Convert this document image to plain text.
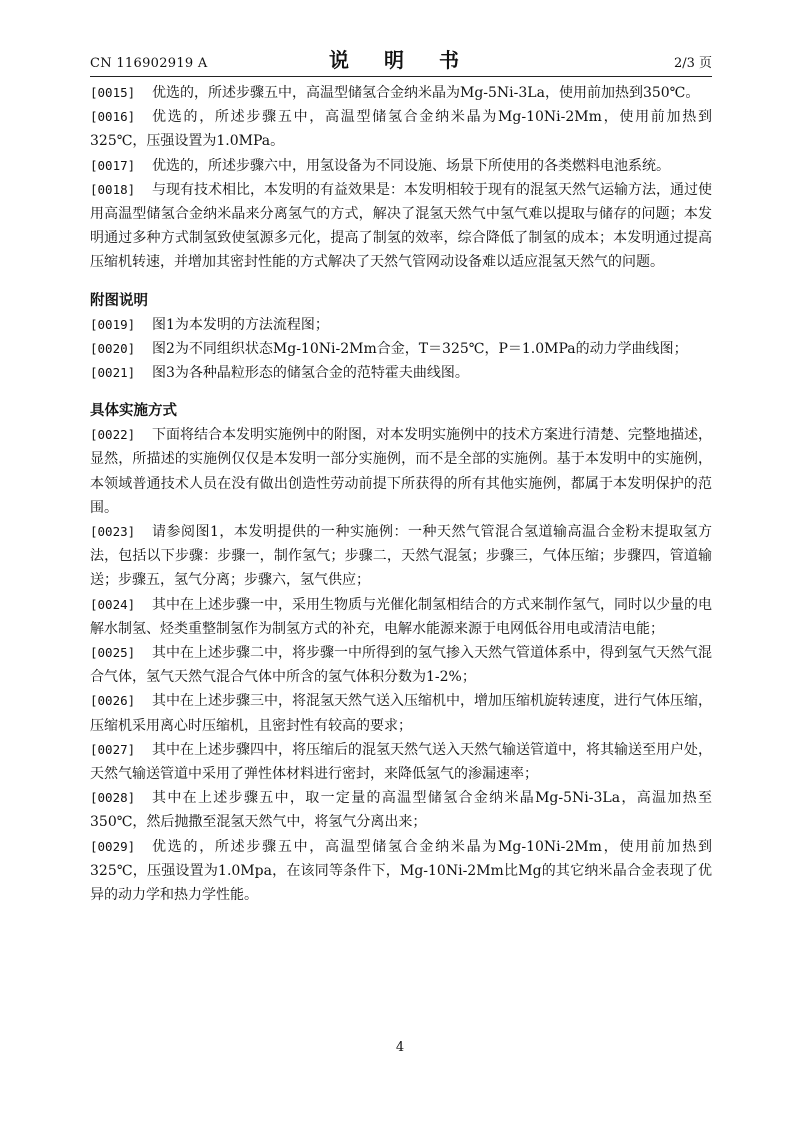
CN 116902919 A	说 明 书	2/3 页

[0015] 优选的，所述步骤五中，高温型储氢合金纳米晶为Mg-5Ni-3La，使用前加热到350℃。

[0016] 优选的，所述步骤五中，高温型储氢合金纳米晶为Mg-10Ni-2Mm，使用前加热到325℃，压强设置为1.0MPa。

[0017] 优选的，所述步骤六中，用氢设备为不同设施、场景下所使用的各类燃料电池系统。

[0018] 与现有技术相比，本发明的有益效果是：本发明相较于现有的混氢天然气运输方法，通过使用高温型储氢合金纳米晶来分离氢气的方式，解决了混氢天然气中氢气难以提取与储存的问题；本发明通过多种方式制氢致使氢源多元化，提高了制氢的效率，综合降低了制氢的成本；本发明通过提高压缩机转速，并增加其密封性能的方式解决了天然气管网动设备难以适应混氢天然气的问题。

附图说明

[0019] 图1为本发明的方法流程图；

[0020] 图2为不同组织状态Mg-10Ni-2Mm合金，T＝325℃，P＝1.0MPa的动力学曲线图；

[0021] 图3为各种晶粒形态的储氢合金的范特霍夫曲线图。

具体实施方式

[0022] 下面将结合本发明实施例中的附图，对本发明实施例中的技术方案进行清楚、完整地描述，显然，所描述的实施例仅仅是本发明一部分实施例，而不是全部的实施例。基于本发明中的实施例，本领域普通技术人员在没有做出创造性劳动前提下所获得的所有其他实施例，都属于本发明保护的范围。

[0023] 请参阅图1，本发明提供的一种实施例：一种天然气管混合氢道输高温合金粉末提取氢方法，包括以下步骤：步骤一，制作氢气；步骤二，天然气混氢；步骤三，气体压缩；步骤四，管道输送；步骤五，氢气分离；步骤六，氢气供应；

[0024] 其中在上述步骤一中，采用生物质与光催化制氢相结合的方式来制作氢气，同时以少量的电解水制氢、烃类重整制氢作为制氢方式的补充，电解水能源来源于电网低谷用电或清洁电能；

[0025] 其中在上述步骤二中，将步骤一中所得到的氢气掺入天然气管道体系中，得到氢气天然气混合气体，氢气天然气混合气体中所含的氢气体积分数为1-2%；

[0026] 其中在上述步骤三中，将混氢天然气送入压缩机中，增加压缩机旋转速度，进行气体压缩，压缩机采用离心时压缩机，且密封性有较高的要求；

[0027] 其中在上述步骤四中，将压缩后的混氢天然气送入天然气输送管道中，将其输送至用户处，天然气输送管道中采用了弹性体材料进行密封，来降低氢气的渗漏速率；

[0028] 其中在上述步骤五中，取一定量的高温型储氢合金纳米晶Mg-5Ni-3La，高温加热至350℃，然后抛撒至混氢天然气中，将氢气分离出来；

[0029] 优选的，所述步骤五中，高温型储氢合金纳米晶为Mg-10Ni-2Mm，使用前加热到325℃，压强设置为1.0Mpa，在该同等条件下，Mg-10Ni-2Mm比Mg的其它纳米晶合金表现了优异的动力学和热力学性能。

4
